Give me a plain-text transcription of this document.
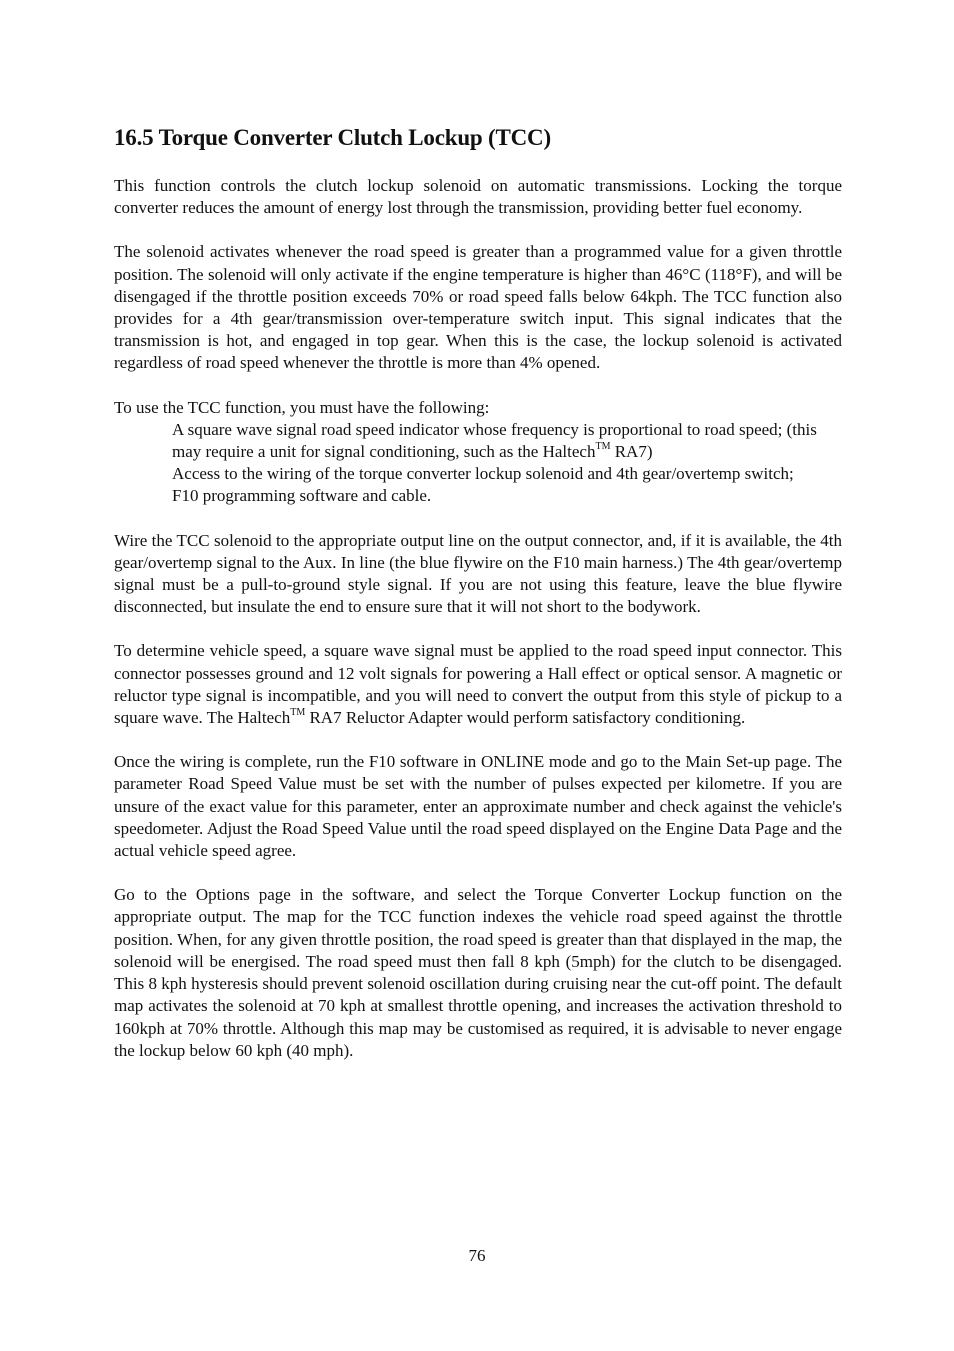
16.5 Torque Converter Clutch Lockup (TCC)

This function controls the clutch lockup solenoid on automatic transmissions. Locking the torque converter reduces the amount of energy lost through the transmission, providing better fuel economy.

The solenoid activates whenever the road speed is greater than a programmed value for a given throttle position. The solenoid will only activate if the engine temperature is higher than 46°C (118°F), and will be disengaged if the throttle position exceeds 70% or road speed falls below 64kph. The TCC function also provides for a 4th gear/transmission over-temperature switch input. This signal indicates that the transmission is hot, and engaged in top gear. When this is the case, the lockup solenoid is activated regardless of road speed whenever the throttle is more than 4% opened.

To use the TCC function, you must have the following:

A square wave signal road speed indicator whose frequency is proportional to road speed; (this may require a unit for signal conditioning, such as the Haltech™ RA7)
Access to the wiring of the torque converter lockup solenoid and 4th gear/overtemp switch;
F10 programming software and cable.

Wire the TCC solenoid to the appropriate output line on the output connector, and, if it is available, the 4th gear/overtemp signal to the Aux. In line (the blue flywire on the F10 main harness.) The 4th gear/overtemp signal must be a pull-to-ground style signal. If you are not using this feature, leave the blue flywire disconnected, but insulate the end to ensure sure that it will not short to the bodywork.

To determine vehicle speed, a square wave signal must be applied to the road speed input connector. This connector possesses ground and 12 volt signals for powering a Hall effect or optical sensor. A magnetic or reluctor type signal is incompatible, and you will need to convert the output from this style of pickup to a square wave. The Haltech™ RA7 Reluctor Adapter would perform satisfactory conditioning.

Once the wiring is complete, run the F10 software in ONLINE mode and go to the Main Set-up page. The parameter Road Speed Value must be set with the number of pulses expected per kilometre. If you are unsure of the exact value for this parameter, enter an approximate number and check against the vehicle's speedometer. Adjust the Road Speed Value until the road speed displayed on the Engine Data Page and the actual vehicle speed agree.

Go to the Options page in the software, and select the Torque Converter Lockup function on the appropriate output. The map for the TCC function indexes the vehicle road speed against the throttle position. When, for any given throttle position, the road speed is greater than that displayed in the map, the solenoid will be energised. The road speed must then fall 8 kph (5mph) for the clutch to be disengaged. This 8 kph hysteresis should prevent solenoid oscillation during cruising near the cut-off point. The default map activates the solenoid at 70 kph at smallest throttle opening, and increases the activation threshold to 160kph at 70% throttle. Although this map may be customised as required, it is advisable to never engage the lockup below 60 kph (40 mph).

76
